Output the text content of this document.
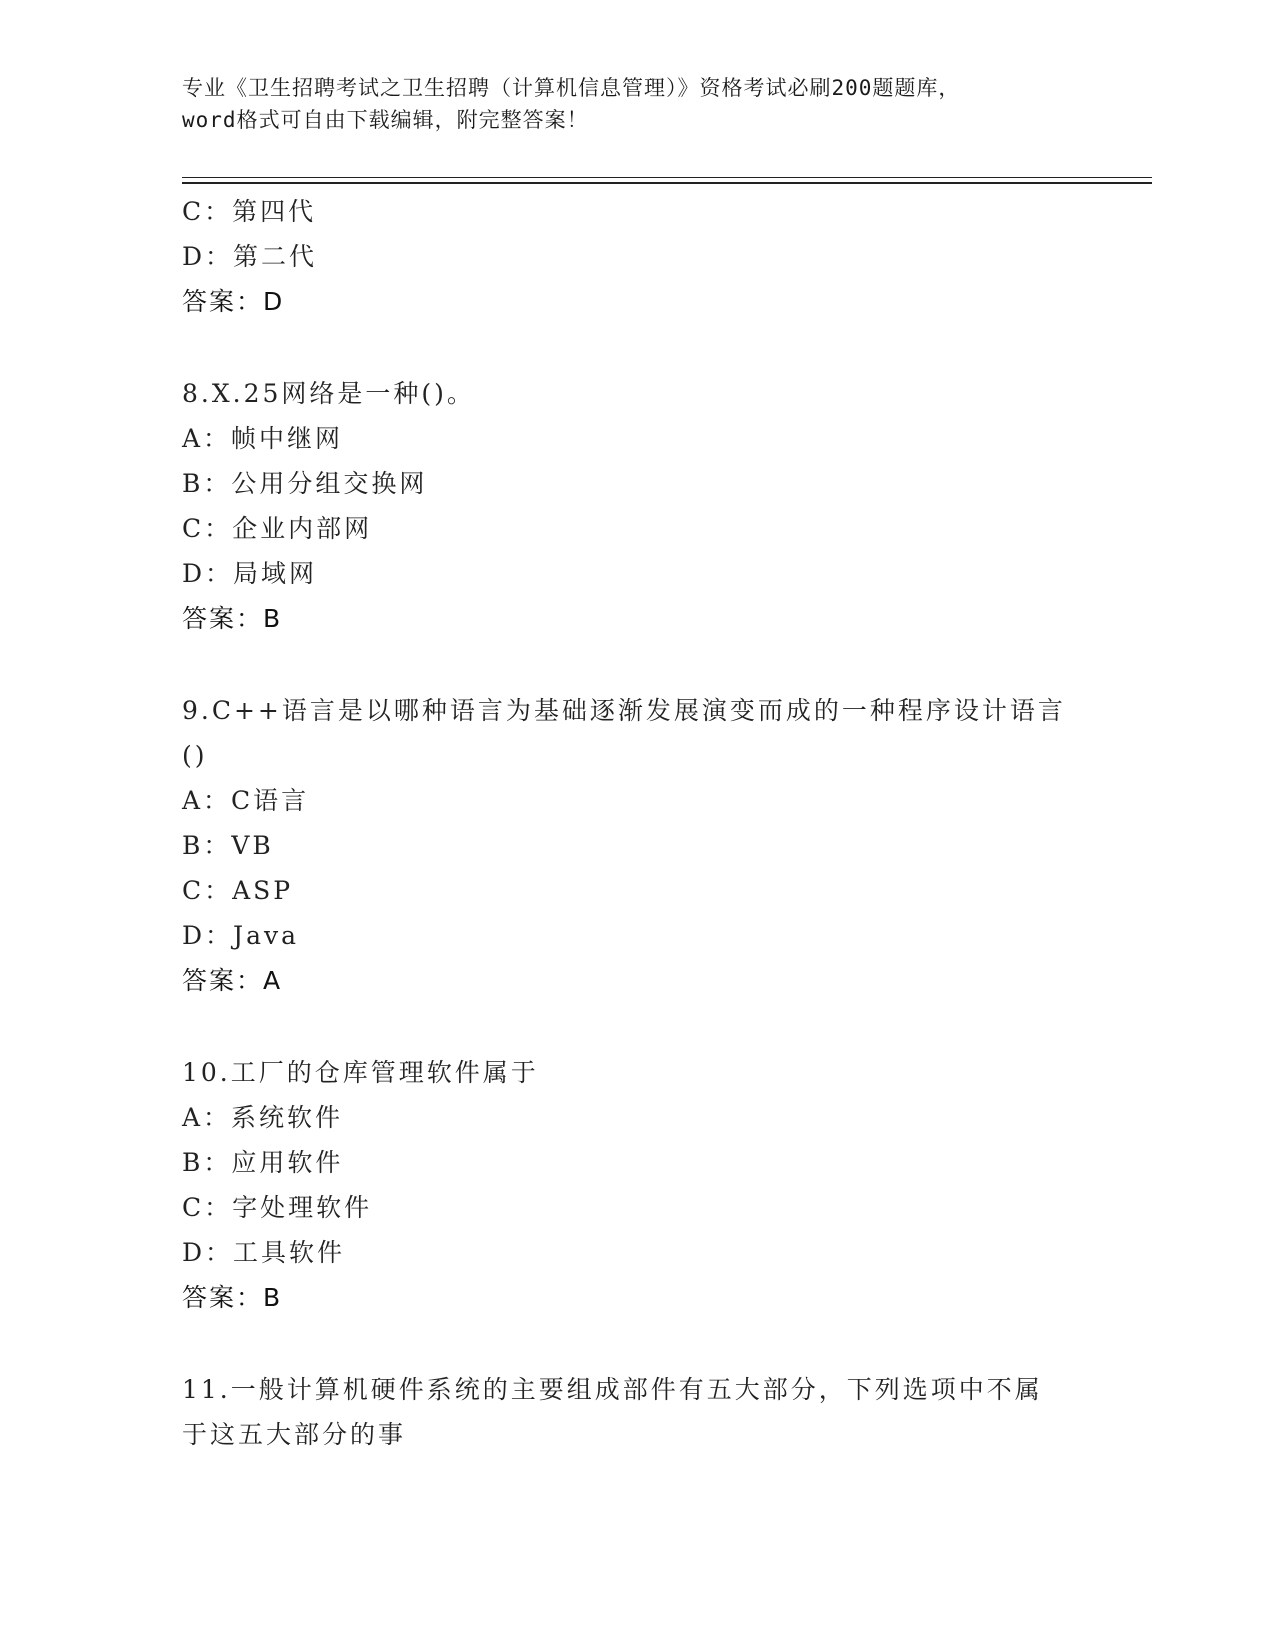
专业《卫生招聘考试之卫生招聘（计算机信息管理）》资格考试必刷200题题库，
word格式可自由下载编辑，附完整答案！
C：第四代
D：第二代
答案：D
8.X.25网络是一种()。
A：帧中继网
B：公用分组交换网
C：企业内部网
D：局域网
答案：B
9.C++语言是以哪种语言为基础逐渐发展演变而成的一种程序设计语言
()
A：C语言
B：VB
C：ASP
D：Java
答案：A
10.工厂的仓库管理软件属于
A：系统软件
B：应用软件
C：字处理软件
D：工具软件
答案：B
11.一般计算机硬件系统的主要组成部件有五大部分，下列选项中不属
于这五大部分的事
